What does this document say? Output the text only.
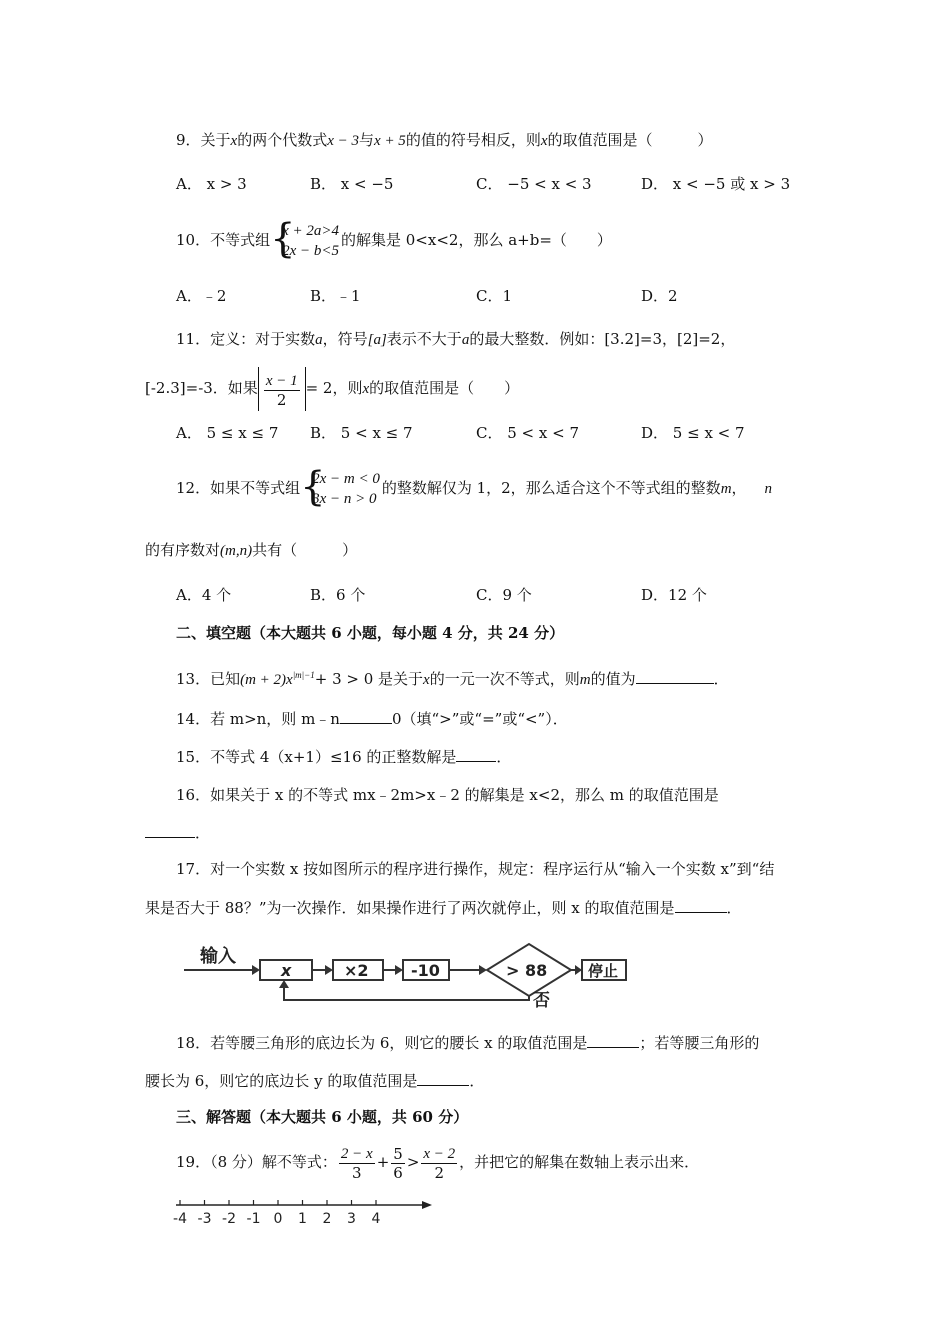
9．关于x的两个代数式x − 3与x + 5的值的符号相反，则x的取值范围是（　　　）
A． x > 3	B． x < −5	C． −5 < x < 3	D． x < −5 或 x > 3
10．不等式组 {
x + 2a>4
2x − b<5
的解集是 0<x<2，那么 a+b=（　　）
A．﹣2	B．﹣1	C．1	D．2
11．定义：对于实数a，符号[a]表示不大于a的最大整数．例如：[3.2]=3，[2]=2，
[-2.3]=-3．如果 $\frac{x - 1}{2} = 2$，则x的取值范围是（　　）
A． 5 ≤ x ≤ 7 B． 5 < x ≤ 7	C． 5 < x < 7	D． 5 ≤ x < 7
12．如果不等式组 {
2x − m < 0
3x − n > 0
的整数解仅为 1，2，那么适合这个不等式组的整数m， n
的有序数对(m,n)共有（　　　）
A．4 个	B．6 个	C．9 个	D．12 个
二、填空题（本大题共 6 小题，每小题 4 分，共 24 分）
13．已知$(m + 2)x^{|m|-1}+ 3 > 0$ 是关于x的一元一次不等式，则m的值为	．
14．若 m>n，则 m﹣n	0（填“>”或“=”或“<”）．
15．不等式 4（x+1）≤16 的正整数解是	．
16．如果关于 x 的不等式 mx﹣2m>x﹣2 的解集是 x<2，那么 m 的取值范围是
．
17．对一个实数 x 按如图所示的程序进行操作，规定：程序运行从“输入一个实数 x”到“结
果是否大于 88？”为一次操作．如果操作进行了两次就停止，则 x 的取值范围是	．
输入
x	×2	-10	> 88	停止
否
18．若等腰三角形的底边长为 6，则它的腰长 x 的取值范围是	；若等腰三角形的
腰长为 6，则它的底边长 y 的取值范围是	．
三、解答题（本大题共 6 小题，共 60 分）
19．（8 分）解不等式： $\frac{2 - x}{3} + \frac{5}{6} > \frac{x - 2}{2}$ ，并把它的解集在数轴上表示出来．
-4 -3 -2 -1 0 1 2 3 4
